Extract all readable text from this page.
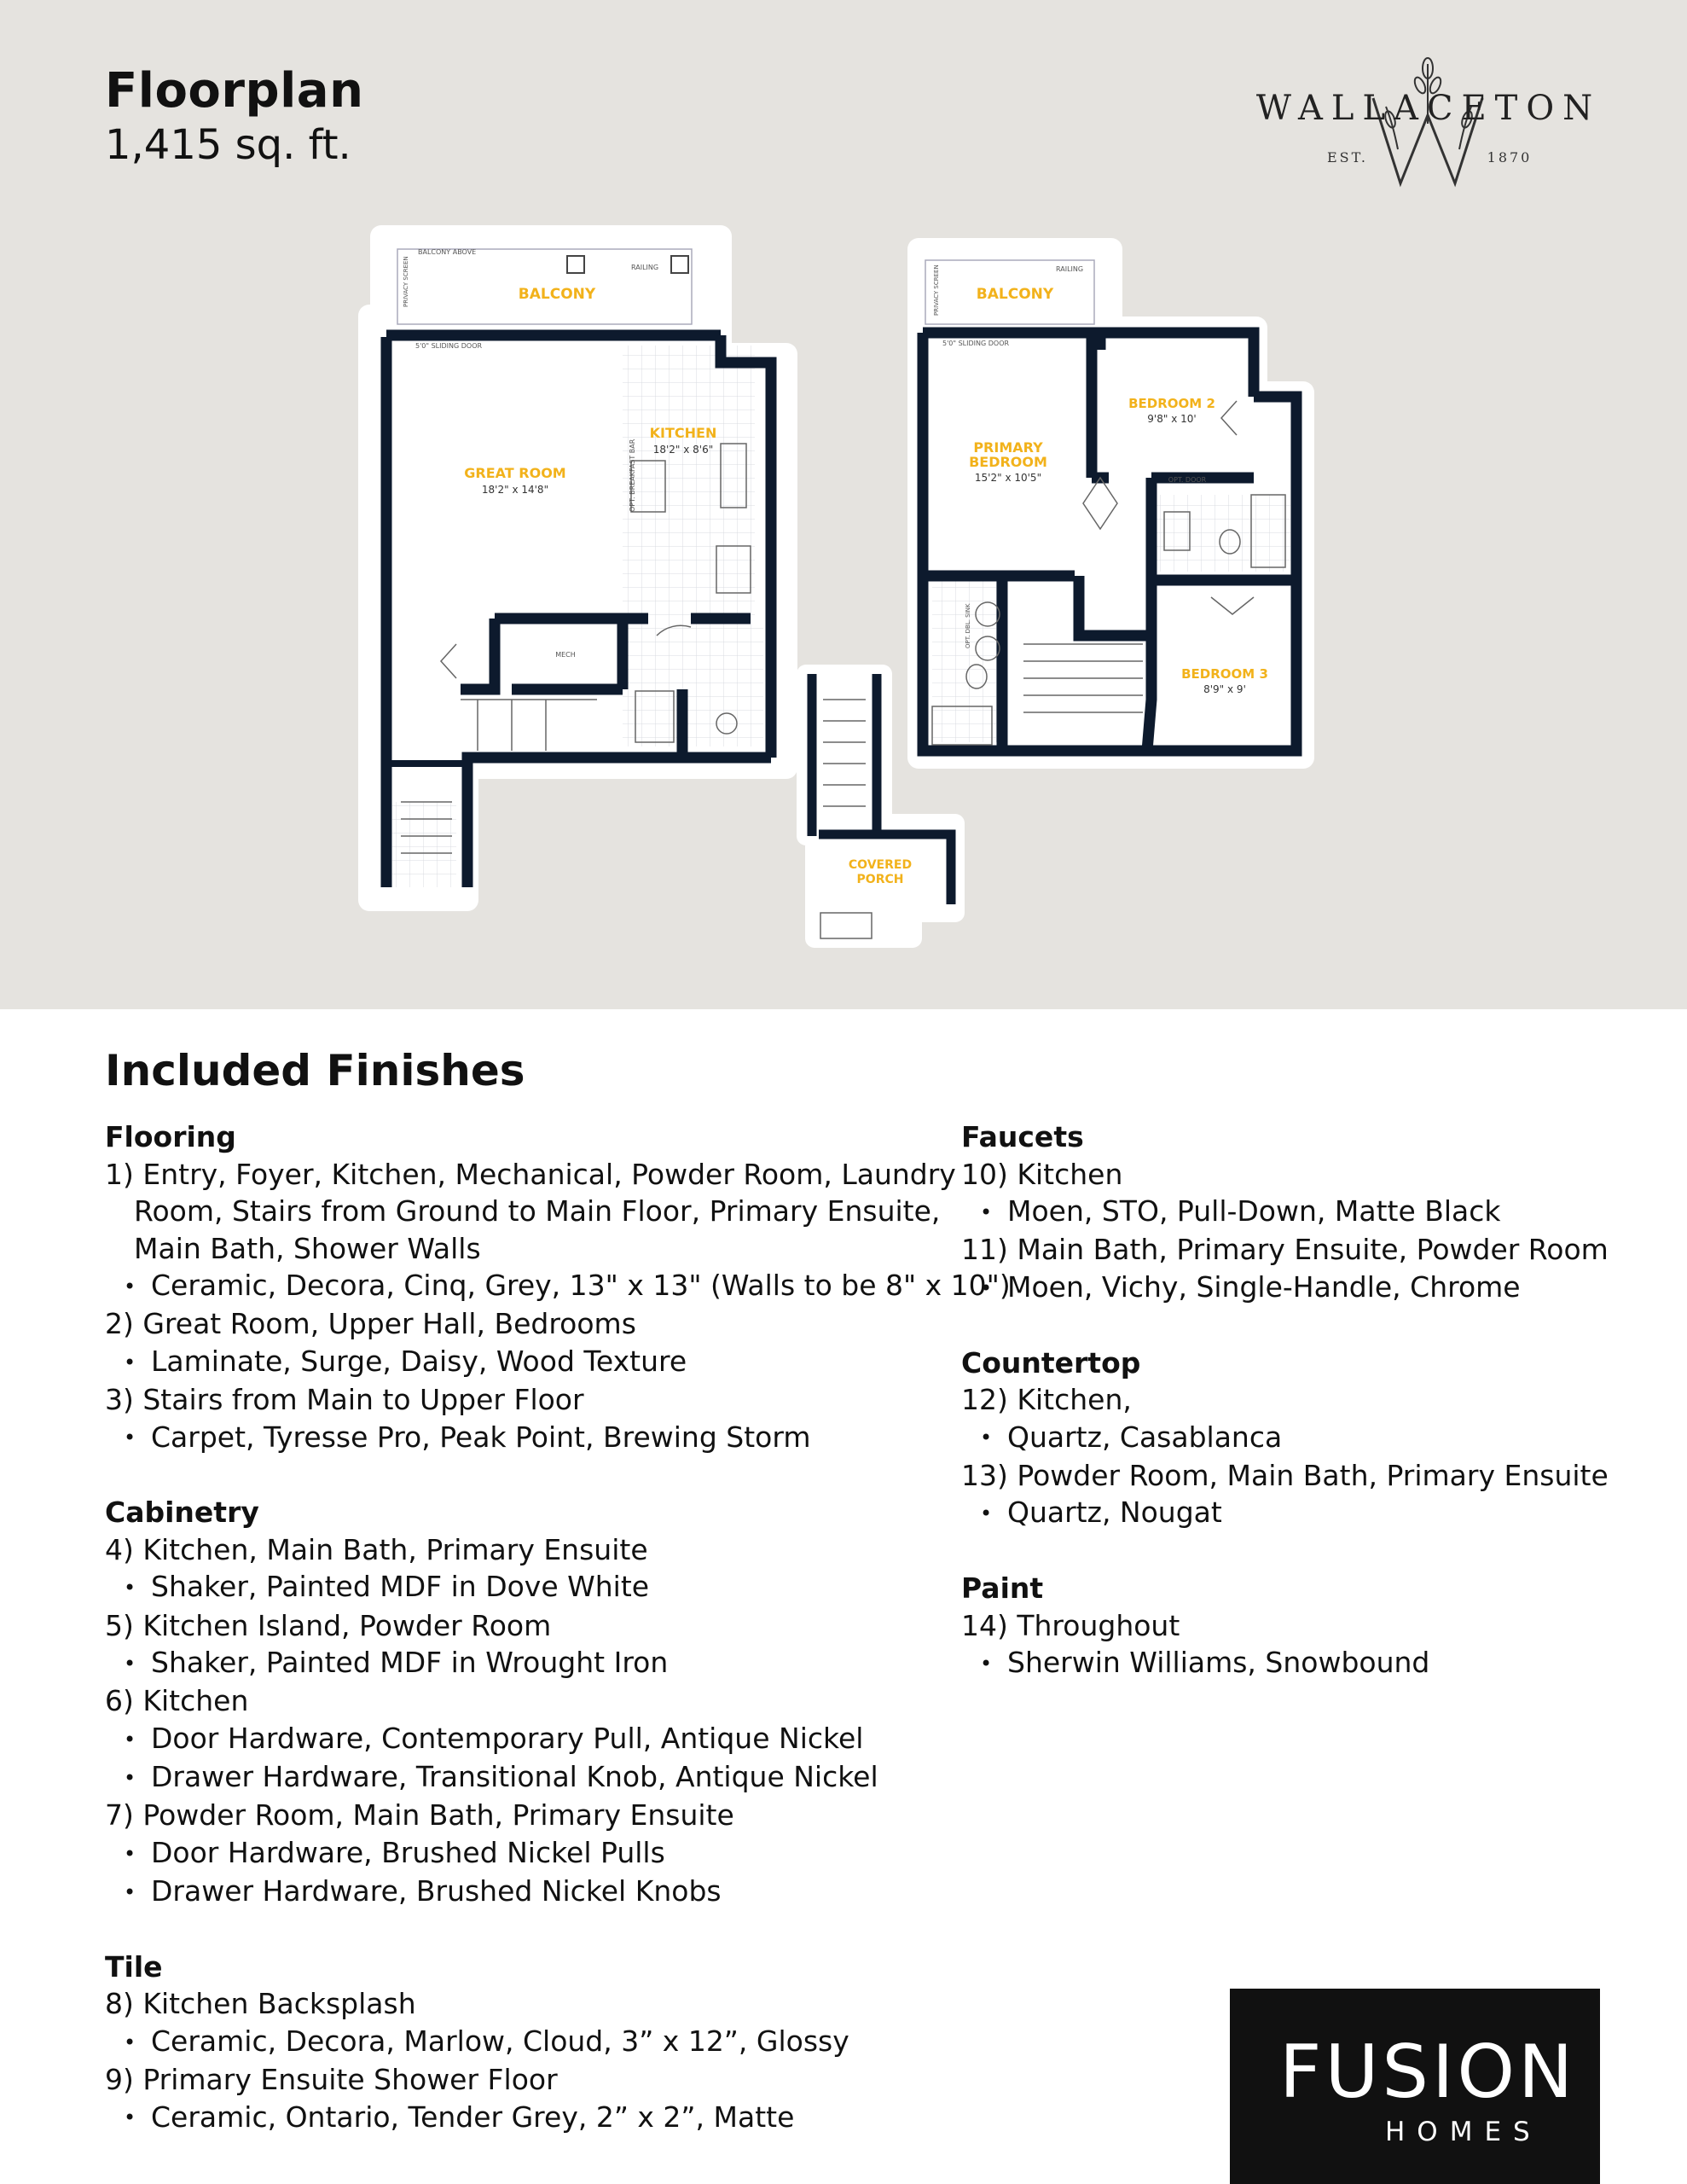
Floorplan
1,415 sq. ft.
WALLACETON
EST.	1870
BALCONY ABOVE
RAILING
PRIVACY SCREEN	BALCONY
5'0" SLIDING DOOR
GREAT ROOM
18'2" x 14'8"
KITCHEN
18'2" x 8'6"
OPT. BREAKFAST BAR
MECH
COVERED
PORCH
RAILING
PRIVACY SCREEN	BALCONY
5'0" SLIDING DOOR
PRIMARY
BEDROOM
15'2" x 10'5"
BEDROOM 2
9'8" x 10'
OPT. DOOR
OPT. DBL. SINK
BEDROOM 3
8'9" x 9'
Included Finishes
Flooring
1) Entry, Foyer, Kitchen, Mechanical, Powder Room, Laundry Room, Stairs from Ground to Main Floor, Primary Ensuite, Main Bath, Shower Walls
• Ceramic, Decora, Cinq, Grey, 13" x 13" (Walls to be 8" x 10")
2) Great Room, Upper Hall, Bedrooms
• Laminate, Surge, Daisy, Wood Texture
3) Stairs from Main to Upper Floor
• Carpet, Tyresse Pro, Peak Point, Brewing Storm
Cabinetry
4) Kitchen, Main Bath, Primary Ensuite
• Shaker, Painted MDF in Dove White
5) Kitchen Island, Powder Room
• Shaker, Painted MDF in Wrought Iron
6) Kitchen
• Door Hardware, Contemporary Pull, Antique Nickel
• Drawer Hardware, Transitional Knob, Antique Nickel
7) Powder Room, Main Bath, Primary Ensuite
• Door Hardware, Brushed Nickel Pulls
• Drawer Hardware, Brushed Nickel Knobs
Tile
8) Kitchen Backsplash
• Ceramic, Decora, Marlow, Cloud, 3” x 12”, Glossy
9) Primary Ensuite Shower Floor
• Ceramic, Ontario, Tender Grey, 2” x 2”, Matte
Faucets
10) Kitchen
• Moen, STO, Pull-Down, Matte Black
11) Main Bath, Primary Ensuite, Powder Room
• Moen, Vichy, Single-Handle, Chrome
Countertop
12) Kitchen,
• Quartz, Casablanca
13) Powder Room, Main Bath, Primary Ensuite
• Quartz, Nougat
Paint
14) Throughout
• Sherwin Williams, Snowbound
FUSION
HOMES
